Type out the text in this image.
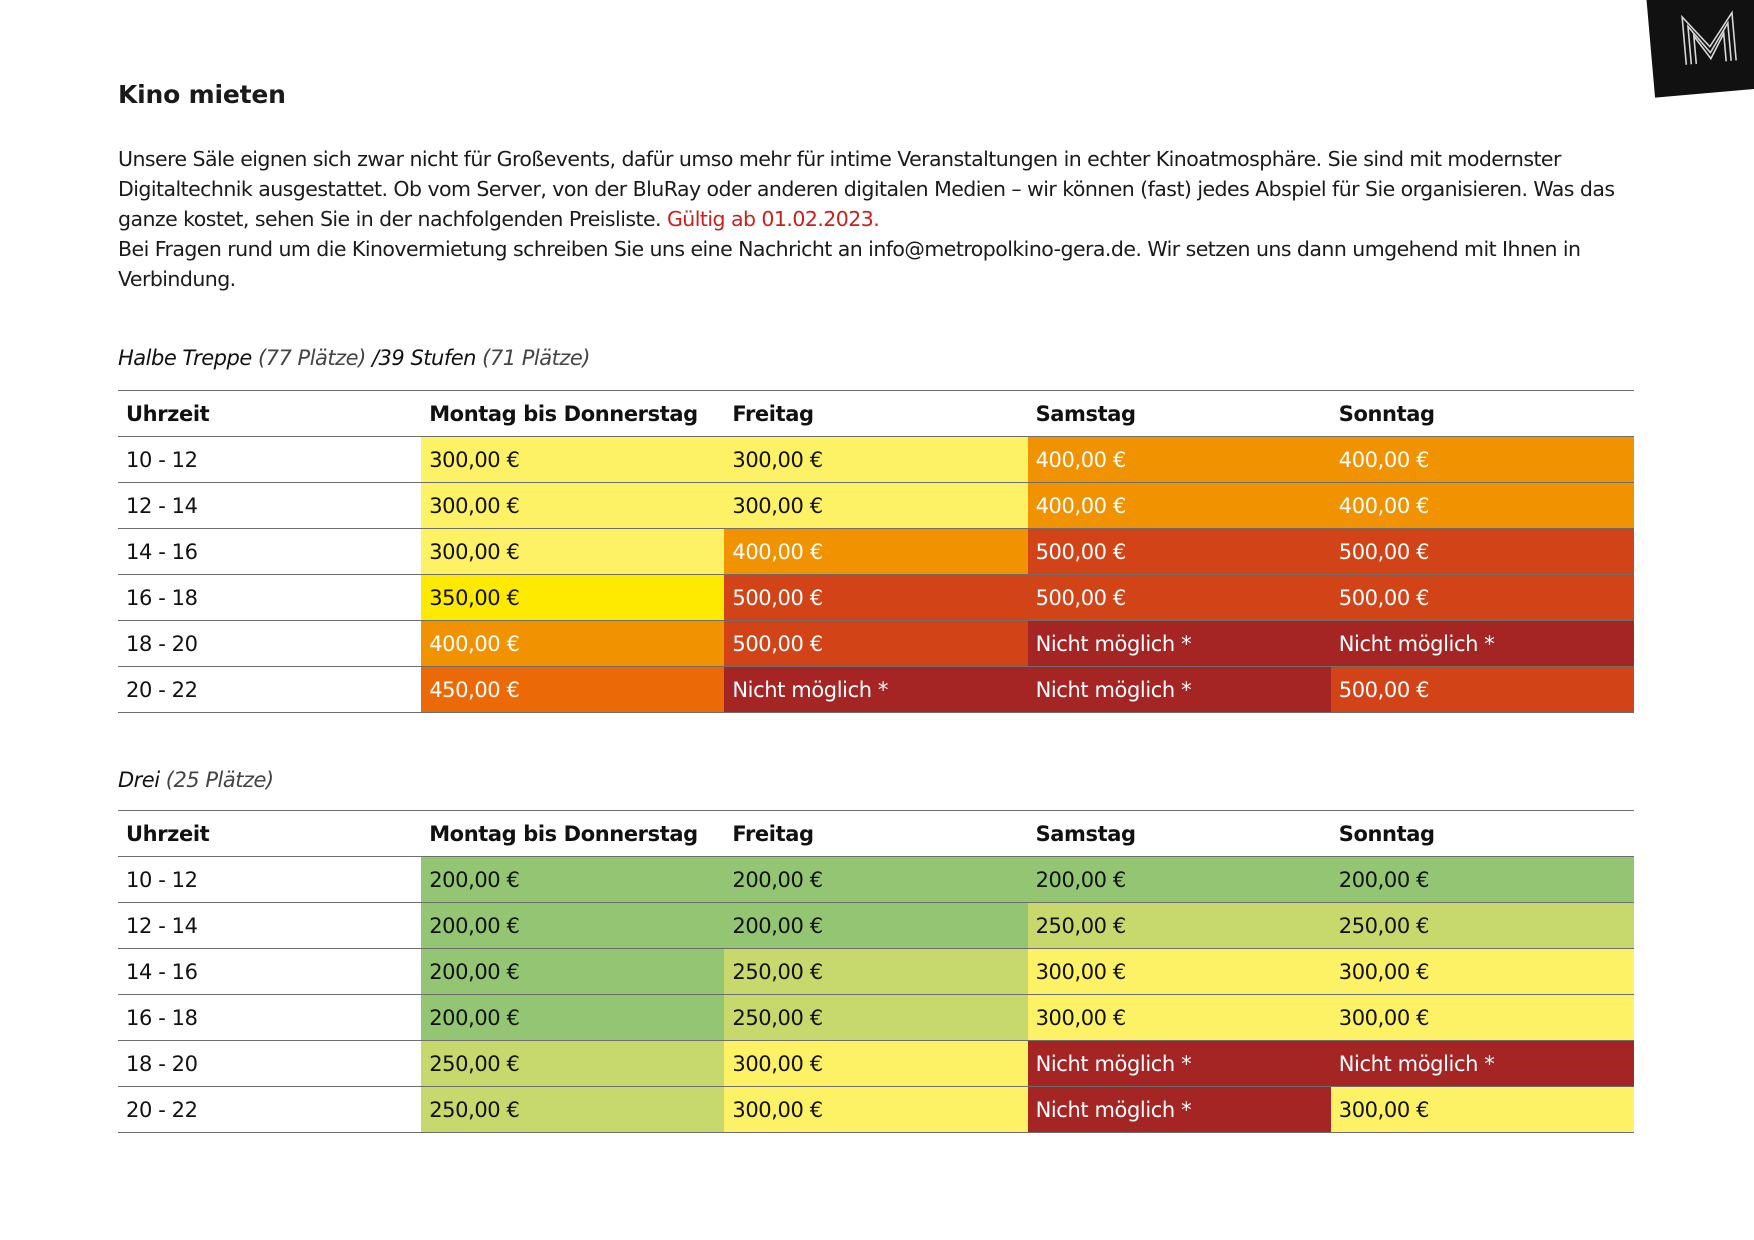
Kino mieten

Unsere Säle eignen sich zwar nicht für Großevents, dafür umso mehr für intime Veranstaltungen in echter Kinoatmosphäre. Sie sind mit modernster Digitaltechnik ausgestattet. Ob vom Server, von der BluRay oder anderen digitalen Medien – wir können (fast) jedes Abspiel für Sie organisieren. Was das ganze kostet, sehen Sie in der nachfolgenden Preisliste. Gültig ab 01.02.2023.

Bei Fragen rund um die Kinovermietung schreiben Sie uns eine Nachricht an info@metropolkino-gera.de. Wir setzen uns dann umgehend mit Ihnen in Verbindung.

Halbe Treppe (77 Plätze) /39 Stufen (71 Plätze)
Uhrzeit	Montag bis Donnerstag	Freitag	Samstag	Sonntag
10 - 12	300,00 €	300,00 €	400,00 €	400,00 €
12 - 14	300,00 €	300,00 €	400,00 €	400,00 €
14 - 16	300,00 €	400,00 €	500,00 €	500,00 €
16 - 18	350,00 €	500,00 €	500,00 €	500,00 €
18 - 20	400,00 €	500,00 €	Nicht möglich *	Nicht möglich *
20 - 22	450,00 €	Nicht möglich *	Nicht möglich *	500,00 €
Drei (25 Plätze)
Uhrzeit	Montag bis Donnerstag	Freitag	Samstag	Sonntag
10 - 12	200,00 €	200,00 €	200,00 €	200,00 €
12 - 14	200,00 €	200,00 €	250,00 €	250,00 €
14 - 16	200,00 €	250,00 €	300,00 €	300,00 €
16 - 18	200,00 €	250,00 €	300,00 €	300,00 €
18 - 20	250,00 €	300,00 €	Nicht möglich *	Nicht möglich *
20 - 22	250,00 €	300,00 €	Nicht möglich *	300,00 €
